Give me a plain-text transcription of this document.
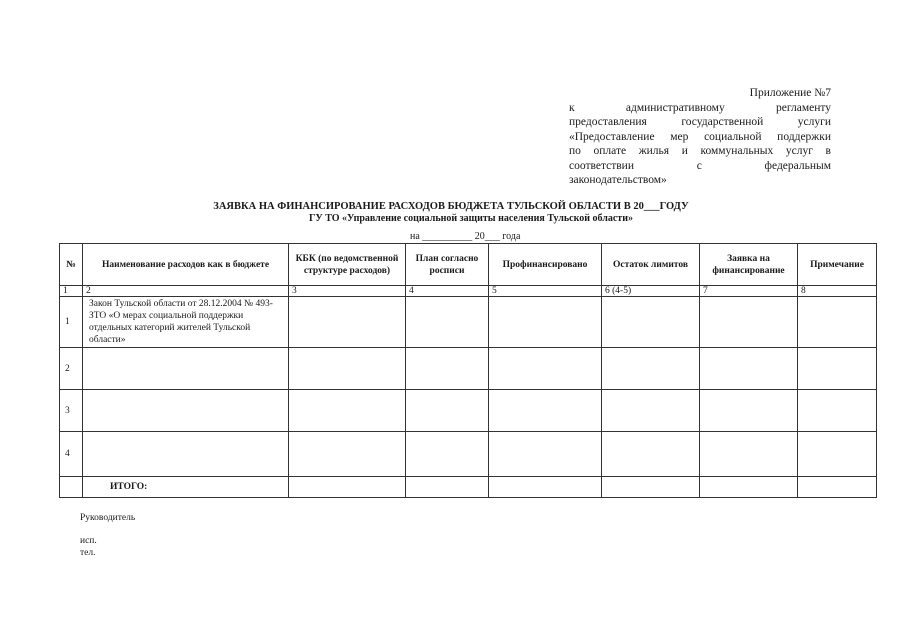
Приложение №7
к административному регламенту
предоставления государственной услуги
«Предоставление мер социальной поддержки
по оплате жилья и коммунальных услуг в
соответствии с федеральным
законодательством»
ЗАЯВКА НА ФИНАНСИРОВАНИЕ РАСХОДОВ БЮДЖЕТА ТУЛЬСКОЙ ОБЛАСТИ В 20___ГОДУ
ГУ ТО «Управление социальной защиты населения Тульской области»
на __________ 20___ года
№	Наименование расходов как в бюджете	КБК (по ведомственной структуре расходов)	План согласно росписи	Профинансировано	Остаток лимитов	Заявка на финансирование	Примечание
1	2	3	4	5	6 (4-5)	7	8
1	Закон Тульской области от 28.12.2004 № 493-ЗТО «О мерах социальной поддержки отдельных категорий жителей Тульской области»						
2							
3							
4							
	ИТОГО:						
Руководитель
исп.
тел.
